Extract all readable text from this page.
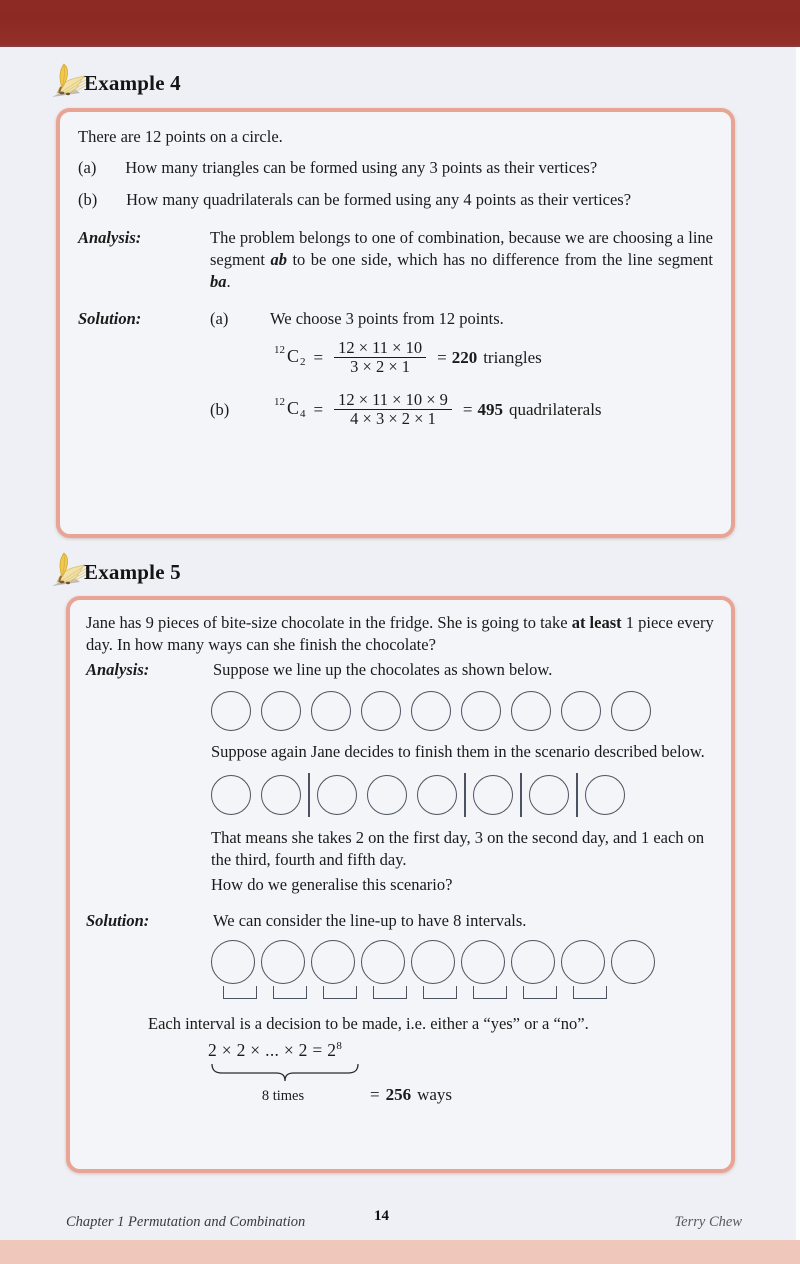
Example 4

There are 12 points on a circle.

(a) How many triangles can be formed using any 3 points as their vertices?

(b) How many quadrilaterals can be formed using any 4 points as their vertices?

Analysis:	The problem belongs to one of combination, because we are choosing a line segment ab to be one side, which has no difference from the line segment ba.
Solution:	(a)	We choose 3 points from 12 points.
12 $C2 = \frac{12 \times 11 \times 10}{3 \times 2 \times 1} = 220$ triangles
(b)	12 $C4 = \frac{12 \times 11 \times 10 \times 9}{4 \times 3 \times 2 \times 1} = 495$ quadrilaterals
Example 5

Jane has 9 pieces of bite-size chocolate in the fridge. She is going to take at least 1 piece every day. In how many ways can she finish the chocolate?

Analysis:	Suppose we line up the chocolates as shown below.

Suppose again Jane decides to finish them in the scenario described below.

That means she takes 2 on the first day, 3 on the second day, and 1 each on the third, fourth and fifth day.

How do we generalise this scenario?

Solution:	We can consider the line-up to have 8 intervals.

Each interval is a decision to be made, i.e. either a “yes” or a “no”.

2 × 2 × ... × $2 = 2^8$
8 times	= 256 ways
Chapter 1 Permutation and Combination	14	Terry Chew
